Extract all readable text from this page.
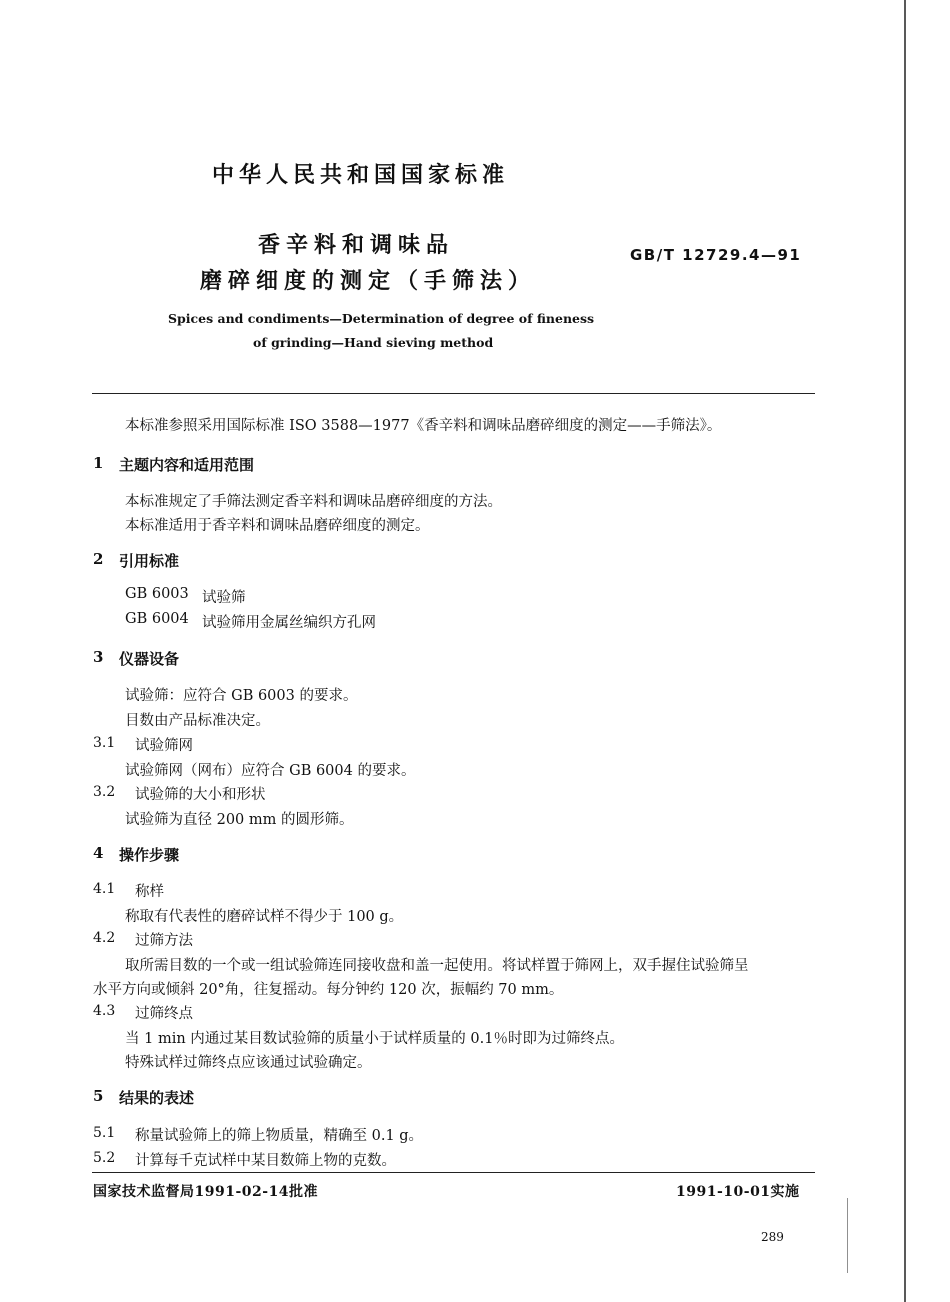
中华人民共和国国家标准
香辛料和调味品
磨碎细度的测定（手筛法）
GB/T 12729.4—91
Spices and condiments—Determination of degree of fineness
of grinding—Hand sieving method
本标准参照采用国际标准 ISO 3588—1977《香辛料和调味品磨碎细度的测定——手筛法》。
1 主题内容和适用范围
本标准规定了手筛法测定香辛料和调味品磨碎细度的方法。
本标准适用于香辛料和调味品磨碎细度的测定。
2 引用标准
GB 6003 试验筛
GB 6004 试验筛用金属丝编织方孔网
3 仪器设备
试验筛：应符合 GB 6003 的要求。
目数由产品标准决定。
3.1 试验筛网
试验筛网（网布）应符合 GB 6004 的要求。
3.2 试验筛的大小和形状
试验筛为直径 200 mm 的圆形筛。
4 操作步骤
4.1 称样
称取有代表性的磨碎试样不得少于 100 g。
4.2 过筛方法
取所需目数的一个或一组试验筛连同接收盘和盖一起使用。将试样置于筛网上，双手握住试验筛呈
水平方向或倾斜 20°角，往复摇动。每分钟约 120 次，振幅约 70 mm。
4.3 过筛终点
当 1 min 内通过某目数试验筛的质量小于试样质量的 0.1％时即为过筛终点。
特殊试样过筛终点应该通过试验确定。
5 结果的表述
5.1 称量试验筛上的筛上物质量，精确至 0.1 g。
5.2 计算每千克试样中某目数筛上物的克数。
国家技术监督局1991-02-14批准	1991-10-01实施
289
